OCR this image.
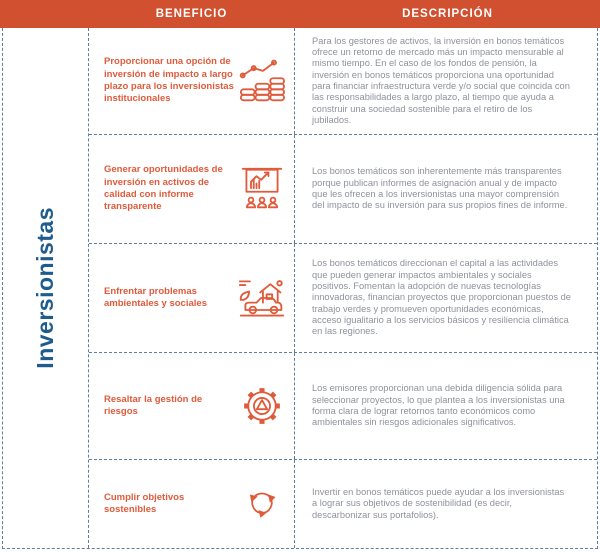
BENEFICIO	DESCRIPCIÓN
Inversionistas
Proporcionar una opción de inversión de impacto a largo plazo para los inversionistas institucionales
Para los gestores de activos, la inversión en bonos temáticos ofrece un retorno de mercado más un impacto mensurable al mismo tiempo. En el caso de los fondos de pensión, la inversión en bonos temáticos proporciona una oportunidad para financiar infraestructura verde y/o social que coincida con las responsabilidades a largo plazo, al tiempo que ayuda a construir una sociedad sostenible para el retiro de los jubilados.
Generar oportunidades de inversión en activos de calidad con informe transparente
Los bonos temáticos son inherentemente más transparentes porque publican informes de asignación anual y de impacto que les ofrecen a los inversionistas una mayor comprensión del impacto de su inversión para sus propios fines de informe.
Enfrentar problemas ambientales y sociales
Los bonos temáticos direccionan el capital a las actividades que pueden generar impactos ambientales y sociales positivos. Fomentan la adopción de nuevas tecnologías innovadoras, financian proyectos que proporcionan puestos de trabajo verdes y promueven oportunidades económicas, acceso igualitario a los servicios básicos y resiliencia climática en las regiones.
Resaltar la gestión de riesgos
Los emisores proporcionan una debida diligencia sólida para seleccionar proyectos, lo que plantea a los inversionistas una forma clara de lograr retornos tanto económicos como ambientales sin riesgos adicionales significativos.
Cumplir objetivos sostenibles
Invertir en bonos temáticos puede ayudar a los inversionistas a lograr sus objetivos de sostenibilidad (es decir, descarbonizar sus portafolios).
